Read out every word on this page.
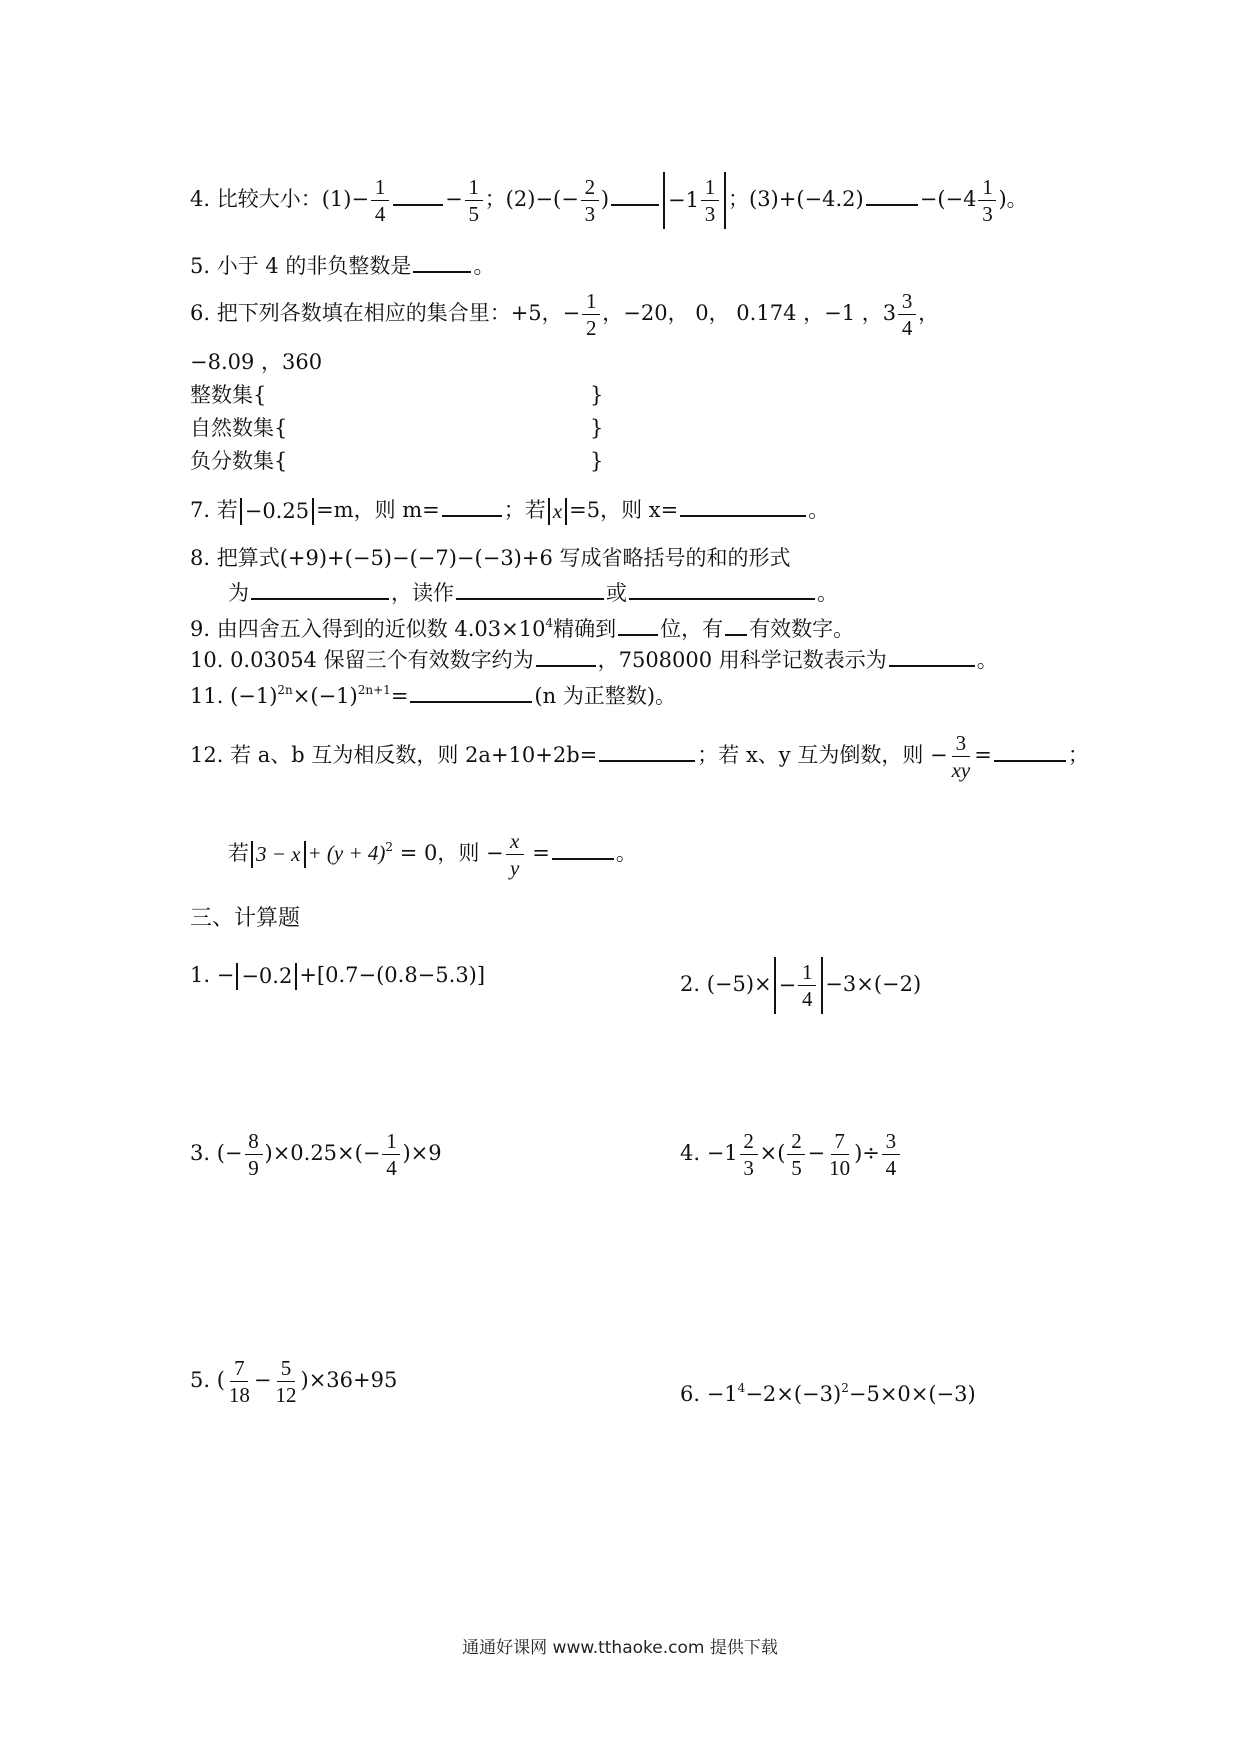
4. 比较大小：$(1)- \frac{1}{4}$	− $\frac{1}{5}$ ；$(2)-(- \frac{2}{3}$ )	$-1 \frac{1}{3}$ ；(3)+(−4.2)	$-(-4 \frac{1}{3}$ )。
5. 小于 4 的非负整数是	。
6. 把下列各数填在相应的集合里：+5，− $\frac{1}{2}$ ，−20， 0， 0.174 ，−1 ，$3 \frac{3}{4}$ ，
−8.09 ，360
整数集{	}
自然数集{	}
负分数集{	}
7. 若 −0.25 =m，则 m=	；若 x =5，则 x=	。
8. 把算式(+9)+(−5)−(−7)−(−3)+6 写成省略括号的和的形式
为	，读作	或	。
9. 由四舍五入得到的近似数 $4.03\times 10^4$精确到 位，有 有效数字。
10. 0.03054 保留三个有效数字约为	，7508000 用科学记数表示为	。
11. $(-1)^{2n}\times(-1)^{2n+1}=$	(n 为正整数)。
12. 若 a、b 互为相反数，则 2a+10+2b=	；若 x、y 互为倒数，则 − $\frac{3}{xy}$ =	；
若 $3 - x + (y + 4)^2 = 0$，则 − $\frac{x}{y}$ =	。
三、计算题
1. − −0.2 +[0.7−(0.8−5.3)]	2. $(-5)\times - \frac{1}{4} -3\times(-2)$
3. (− $\frac{8}{9} )\times 0.25\times(- \frac{1}{4} )\times 9$	4. $-1 \frac{2}{3}$ ×( $\frac{2}{5} - \frac{7}{10}$ )÷ $\frac{3}{4}$
5. ( $\frac{7}{18} - \frac{5}{12} )\times 36+95$
6. $-1^4-2\times(-3)^2-5\times 0\times(-3)$
通通好课网 www.tthaoke.com 提供下载
